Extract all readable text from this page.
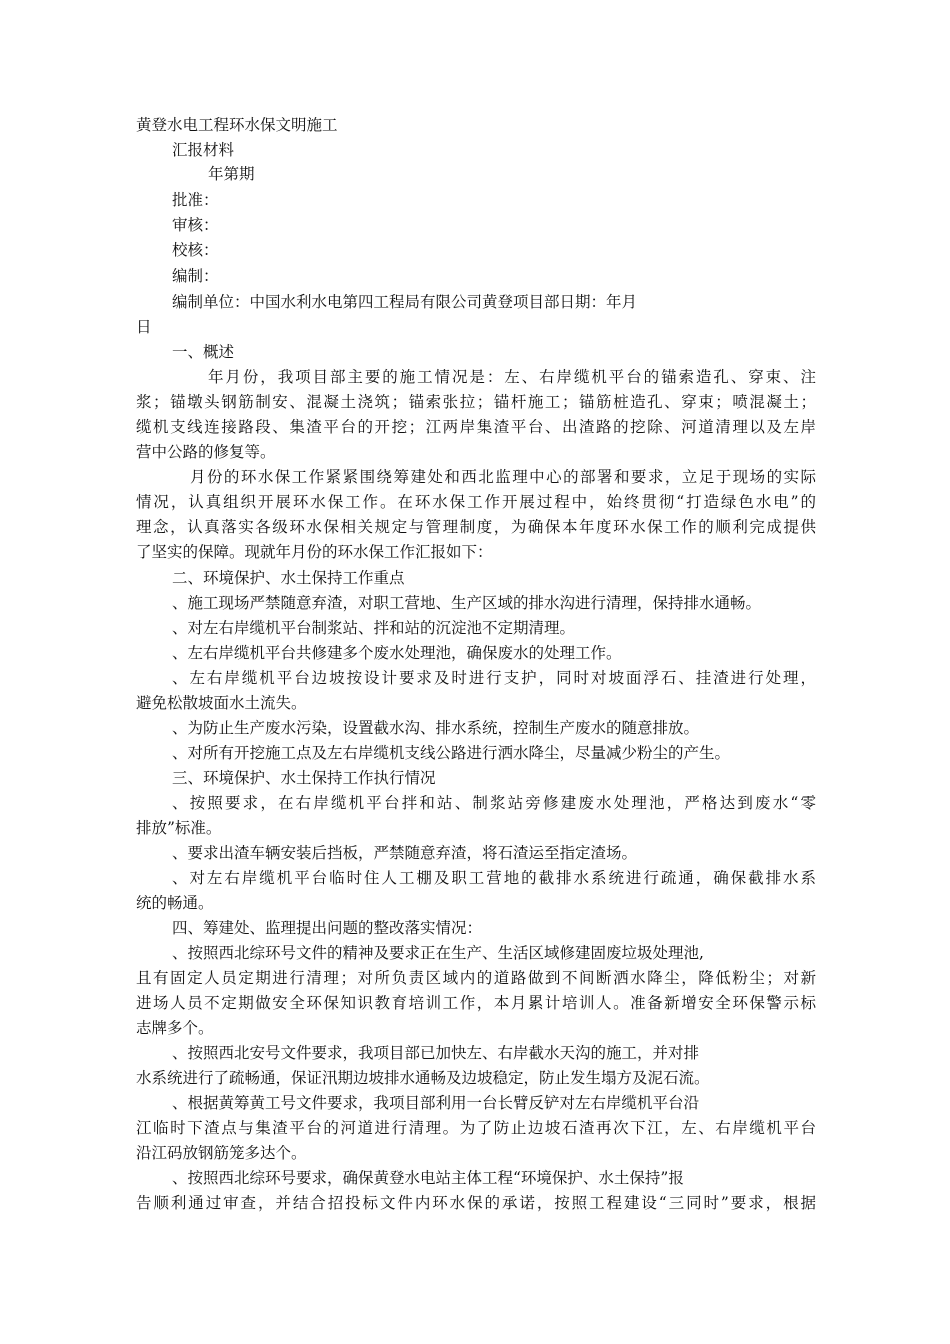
黄登水电工程环水保文明施工
汇报材料
年第期
批准：
审核：
校核：
编制：
编制单位：中国水利水电第四工程局有限公司黄登项目部日期：年月
日
一、概述
年月份，我项目部主要的施工情况是：左、右岸缆机平台的锚索造孔、穿束、注
浆；锚墩头钢筋制安、混凝土浇筑；锚索张拉；锚杆施工；锚筋桩造孔、穿束；喷混凝土；
缆机支线连接路段、集渣平台的开挖；江两岸集渣平台、出渣路的挖除、河道清理以及左岸
营中公路的修复等。
月份的环水保工作紧紧围绕筹建处和西北监理中心的部署和要求，立足于现场的实际
情况，认真组织开展环水保工作。在环水保工作开展过程中，始终贯彻“打造绿色水电”的
理念，认真落实各级环水保相关规定与管理制度，为确保本年度环水保工作的顺利完成提供
了坚实的保障。现就年月份的环水保工作汇报如下：
二、环境保护、水土保持工作重点
、施工现场严禁随意弃渣，对职工营地、生产区域的排水沟进行清理，保持排水通畅。
、对左右岸缆机平台制浆站、拌和站的沉淀池不定期清理。
、左右岸缆机平台共修建多个废水处理池，确保废水的处理工作。
、左右岸缆机平台边坡按设计要求及时进行支护，同时对坡面浮石、挂渣进行处理，
避免松散坡面水土流失。
、为防止生产废水污染，设置截水沟、排水系统，控制生产废水的随意排放。
、对所有开挖施工点及左右岸缆机支线公路进行洒水降尘，尽量减少粉尘的产生。
三、环境保护、水土保持工作执行情况
、按照要求，在右岸缆机平台拌和站、制浆站旁修建废水处理池，严格达到废水“零
排放”标准。
、要求出渣车辆安装后挡板，严禁随意弃渣，将石渣运至指定渣场。
、对左右岸缆机平台临时住人工棚及职工营地的截排水系统进行疏通，确保截排水系
统的畅通。
四、筹建处、监理提出问题的整改落实情况：
、按照西北综环号文件的精神及要求正在生产、生活区域修建固废垃圾处理池,
且有固定人员定期进行清理；对所负责区域内的道路做到不间断洒水降尘，降低粉尘；对新
进场人员不定期做安全环保知识教育培训工作，本月累计培训人。准备新增安全环保警示标
志牌多个。
、按照西北安号文件要求，我项目部已加快左、右岸截水天沟的施工，并对排
水系统进行了疏畅通，保证汛期边坡排水通畅及边坡稳定，防止发生塌方及泥石流。
、根据黄筹黄工号文件要求，我项目部利用一台长臂反铲对左右岸缆机平台沿
江临时下渣点与集渣平台的河道进行清理。为了防止边坡石渣再次下江，左、右岸缆机平台
沿江码放钢筋笼多达个。
、按照西北综环号要求，确保黄登水电站主体工程“环境保护、水土保持”报
告顺利通过审查，并结合招投标文件内环水保的承诺，按照工程建设“三同时”要求，根据
